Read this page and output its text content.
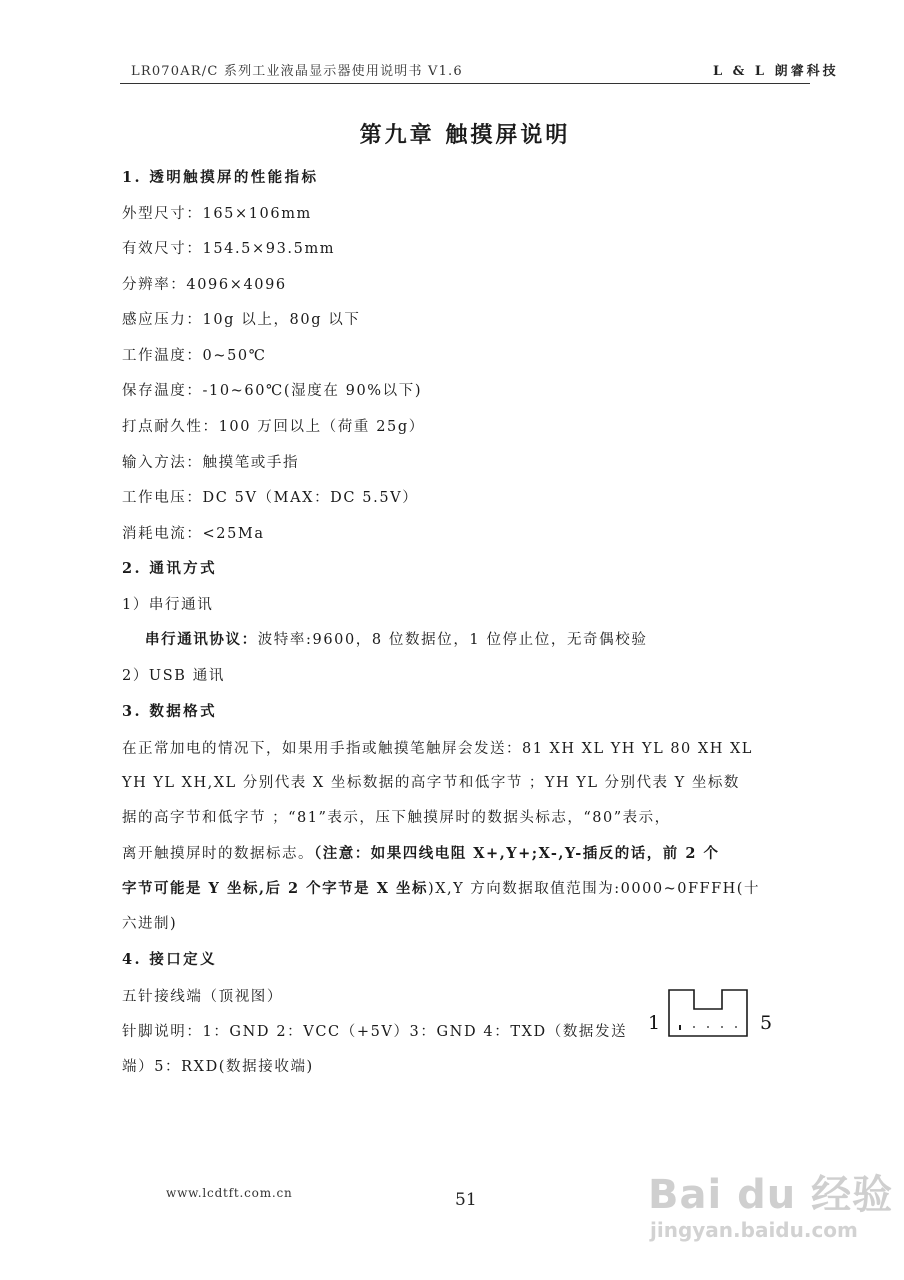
LR070AR/C 系列工业液晶显示器使用说明书 V1.6	L & L 朗睿科技
第九章 触摸屏说明
1. 透明触摸屏的性能指标
外型尺寸：165×106mm
有效尺寸：154.5×93.5mm
分辨率：4096×4096
感应压力：10g 以上，80g 以下
工作温度：0~50℃
保存温度：-10~60℃(湿度在 90%以下)
打点耐久性：100 万回以上（荷重 25g）
输入方法：触摸笔或手指
工作电压：DC 5V（MAX：DC 5.5V）
消耗电流：<25Ma
2. 通讯方式
1）串行通讯
串行通讯协议：波特率:9600，8 位数据位，1 位停止位，无奇偶校验
2）USB 通讯
3. 数据格式
在正常加电的情况下，如果用手指或触摸笔触屏会发送：81 XH XL YH YL 80 XH XL
YH YL XH,XL 分别代表 X 坐标数据的高字节和低字节 ；YH YL 分别代表 Y 坐标数
据的高字节和低字节 ；“81”表示，压下触摸屏时的数据头标志，“80”表示，
离开触摸屏时的数据标志。（注意：如果四线电阻 X+,Y+;X-,Y-插反的话，前 2 个
字节可能是 Y 坐标,后 2 个字节是 X 坐标)X,Y 方向数据取值范围为:0000~0FFFH(十
六进制)
4. 接口定义
五针接线端（顶视图）
针脚说明：1：GND 2：VCC（+5V）3：GND 4：TXD（数据发送
端）5：RXD(数据接收端)
1	5
www.lcdtft.com.cn	51	Bai du 经验
jingyan.baidu.com
